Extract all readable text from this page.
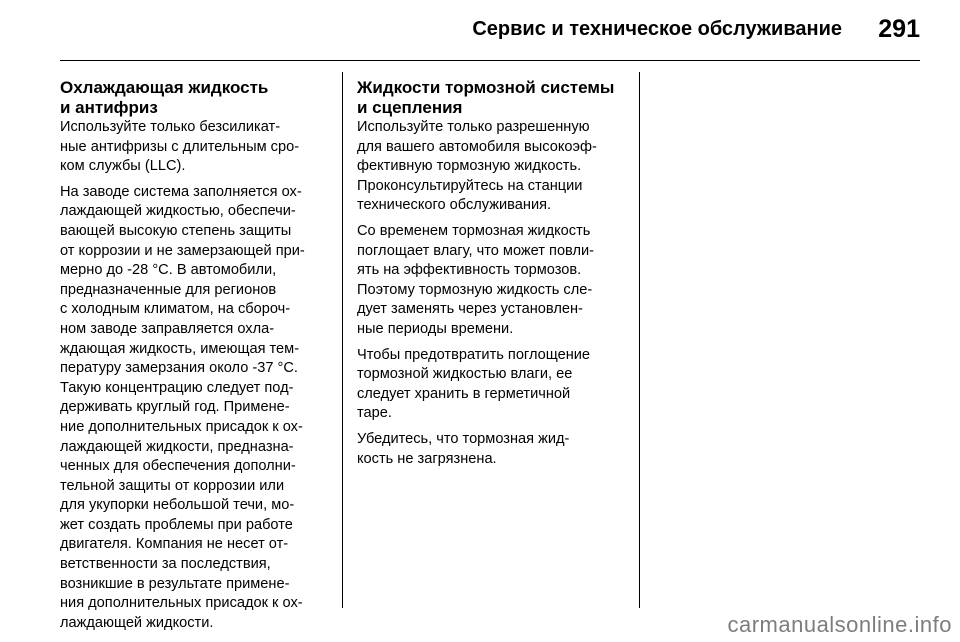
Сервис и техническое обслуживание 291
Охлаждающая жидкость
и антифриз

Используйте только безсиликат-
ные антифризы с длительным сро-
ком службы (LLC).

На заводе система заполняется ох-
лаждающей жидкостью, обеспечи-
вающей высокую степень защиты
от коррозии и не замерзающей при-
мерно до -28 °C. В автомобили,
предназначенные для регионов
с холодным климатом, на сбороч-
ном заводе заправляется охла-
ждающая жидкость, имеющая тем-
пературу замерзания около -37 °C.
Такую концентрацию следует под-
держивать круглый год. Примене-
ние дополнительных присадок к ох-
лаждающей жидкости, предназна-
ченных для обеспечения дополни-
тельной защиты от коррозии или
для укупорки небольшой течи, мо-
жет создать проблемы при работе
двигателя. Компания не несет от-
ветственности за последствия,
возникшие в результате примене-
ния дополнительных присадок к ох-
лаждающей жидкости.

Жидкости тормозной системы
и сцепления

Используйте только разрешенную
для вашего автомобиля высокоэф-
фективную тормозную жидкость.
Проконсультируйтесь на станции
технического обслуживания.

Со временем тормозная жидкость
поглощает влагу, что может повли-
ять на эффективность тормозов.
Поэтому тормозную жидкость сле-
дует заменять через установлен-
ные периоды времени.

Чтобы предотвратить поглощение
тормозной жидкостью влаги, ее
следует хранить в герметичной
таре.

Убедитесь, что тормозная жид-
кость не загрязнена.

carmanualsonline.info
